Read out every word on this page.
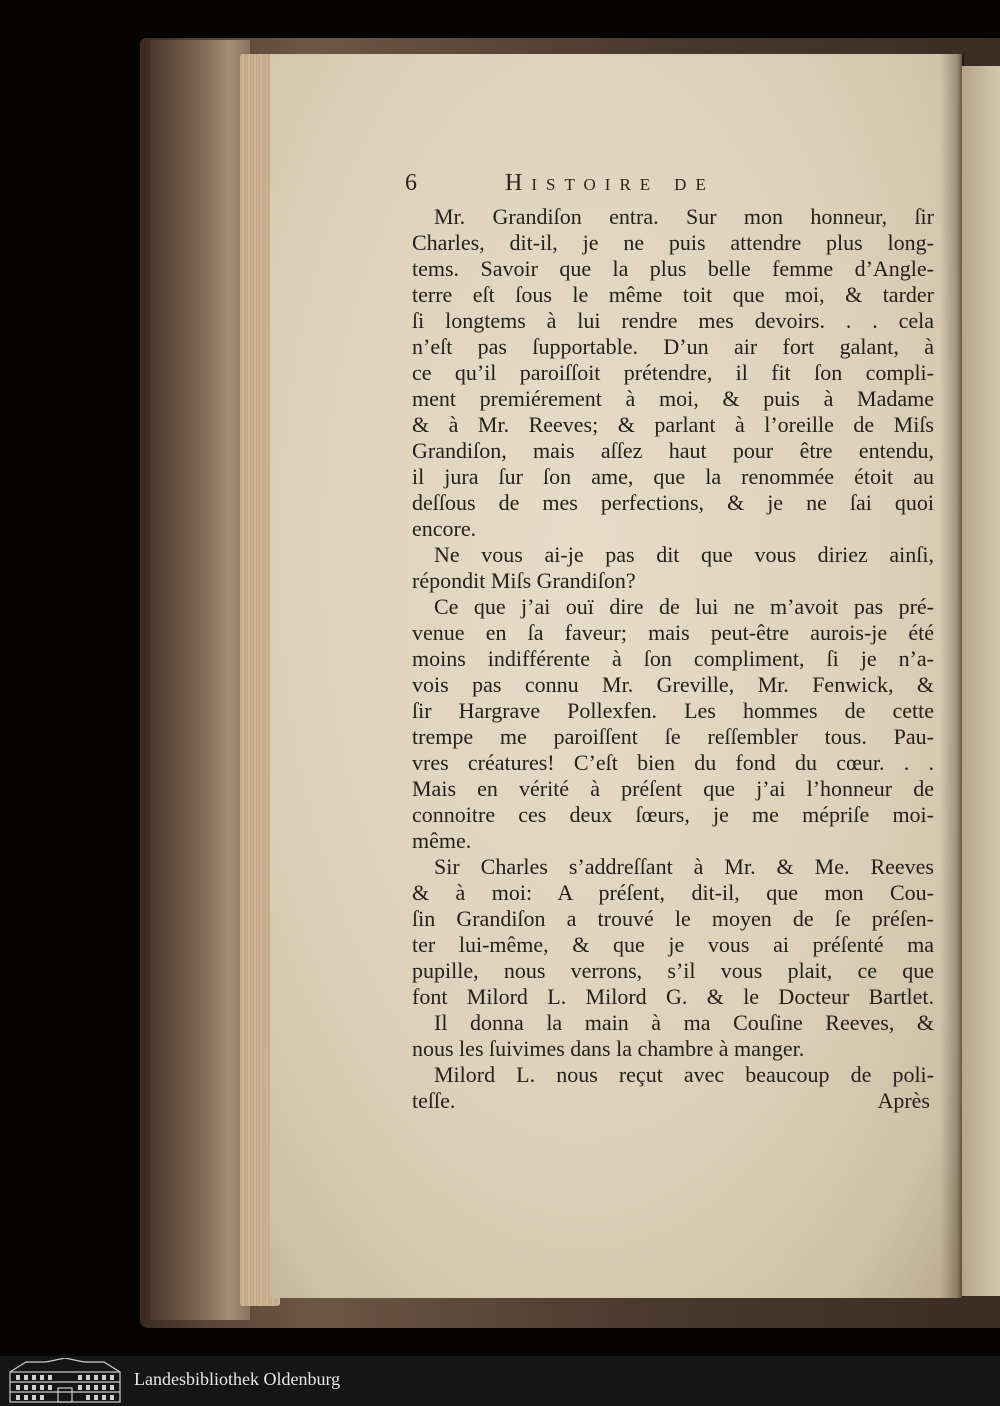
6	Histoire de
Mr. Grandiſon entra. Sur mon honneur, ſir
Charles, dit-il, je ne puis attendre plus long-
tems. Savoir que la plus belle femme d’Angle-
terre eſt ſous le même toit que moi, & tarder
ſi longtems à lui rendre mes devoirs. . . cela
n’eſt pas ſupportable. D’un air fort galant, à
ce qu’il paroiſſoit prétendre, il fit ſon compli-
ment premiérement à moi, & puis à Madame
& à Mr. Reeves; & parlant à l’oreille de Miſs
Grandiſon, mais aſſez haut pour être entendu,
il jura ſur ſon ame, que la renommée étoit au
deſſous de mes perfections, & je ne ſai quoi
encore.
Ne vous ai-je pas dit que vous diriez ainſi,
répondit Miſs Grandiſon?
Ce que j’ai ouï dire de lui ne m’avoit pas pré-
venue en ſa faveur; mais peut-être aurois-je été
moins indifférente à ſon compliment, ſi je n’a-
vois pas connu Mr. Greville, Mr. Fenwick, &
ſir Hargrave Pollexfen. Les hommes de cette
trempe me paroiſſent ſe reſſembler tous. Pau-
vres créatures! C’eſt bien du fond du cœur. . .
Mais en vérité à préſent que j’ai l’honneur de
connoitre ces deux ſœurs, je me mépriſe moi-
même.
Sir Charles s’addreſſant à Mr. & Me. Reeves
& à moi: A préſent, dit-il, que mon Cou-
ſin Grandiſon a trouvé le moyen de ſe préſen-
ter lui-même, & que je vous ai préſenté ma
pupille, nous verrons, s’il vous plait, ce que
font Milord L. Milord G. & le Docteur Bartlet.
Il donna la main à ma Couſine Reeves, &
nous les ſuivimes dans la chambre à manger.
Milord L. nous reçut avec beaucoup de poli-
teſſe.	Après
Landesbibliothek Oldenburg
